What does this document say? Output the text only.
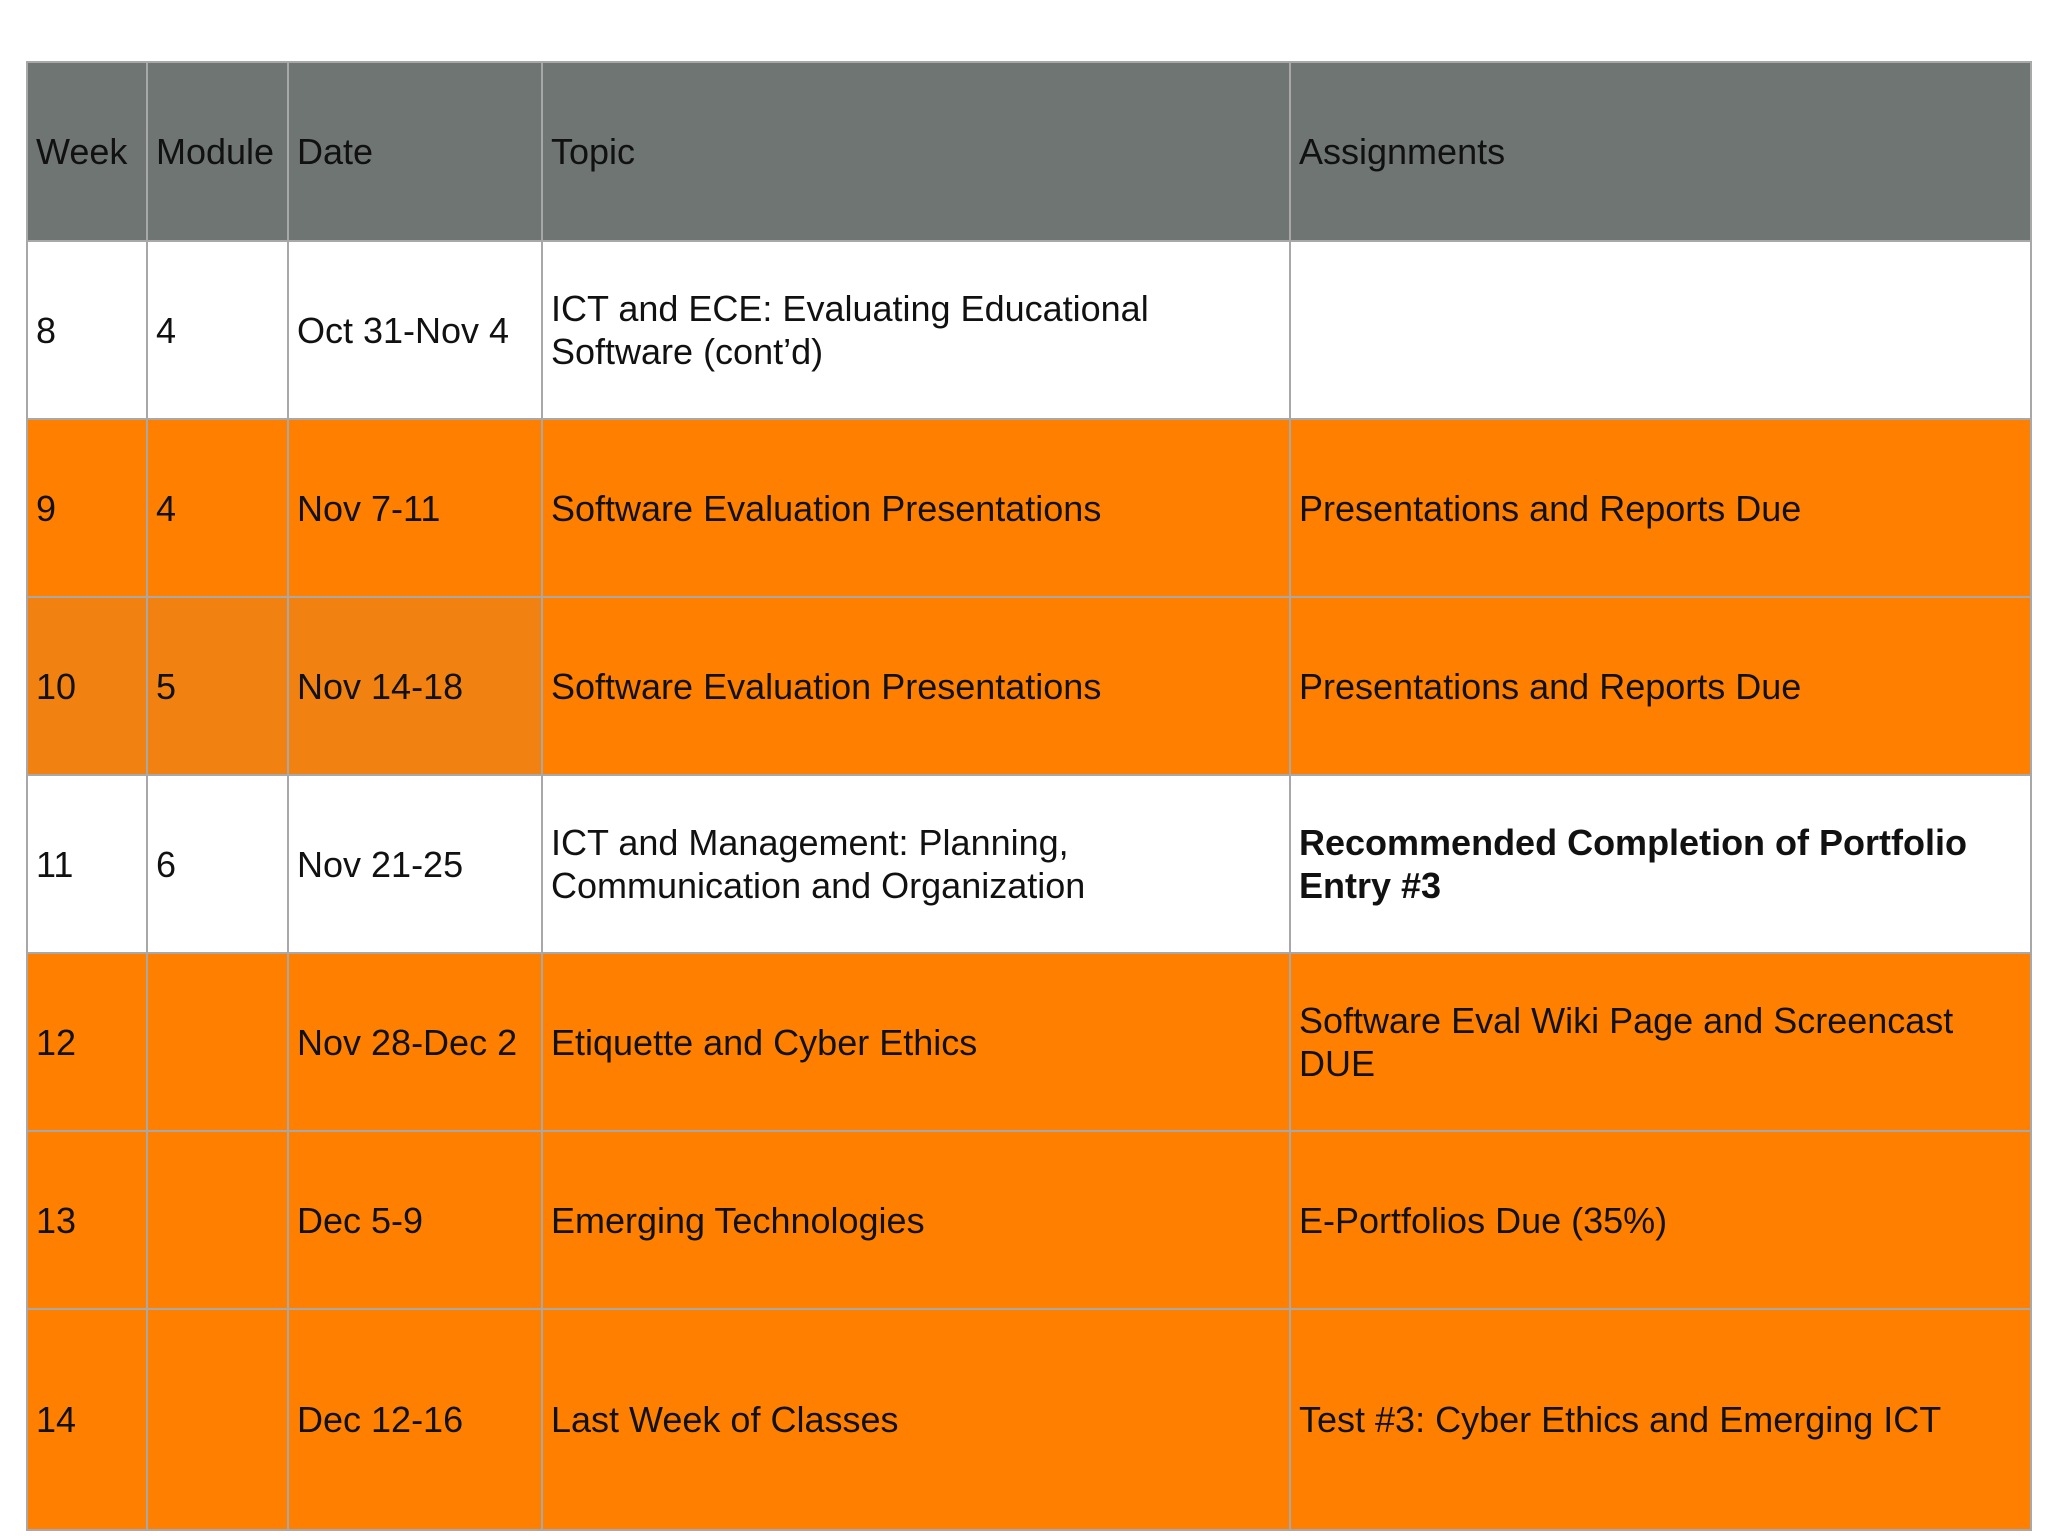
Week	Module	Date	Topic	Assignments
8	4	Oct 31-Nov 4	ICT and ECE: Evaluating Educational Software (cont’d)	
9	4	Nov 7-11	Software Evaluation Presentations	Presentations and Reports Due
10	5	Nov 14-18	Software Evaluation Presentations	Presentations and Reports Due
11	6	Nov 21-25	ICT and Management: Planning, Communication and Organization	Recommended Completion of Portfolio Entry #3
12		Nov 28-Dec 2	Etiquette and Cyber Ethics	Software Eval Wiki Page and Screencast DUE
13		Dec 5-9	Emerging Technologies	E-Portfolios Due (35%)
14		Dec 12-16	Last Week of Classes	Test #3: Cyber Ethics and Emerging ICT
